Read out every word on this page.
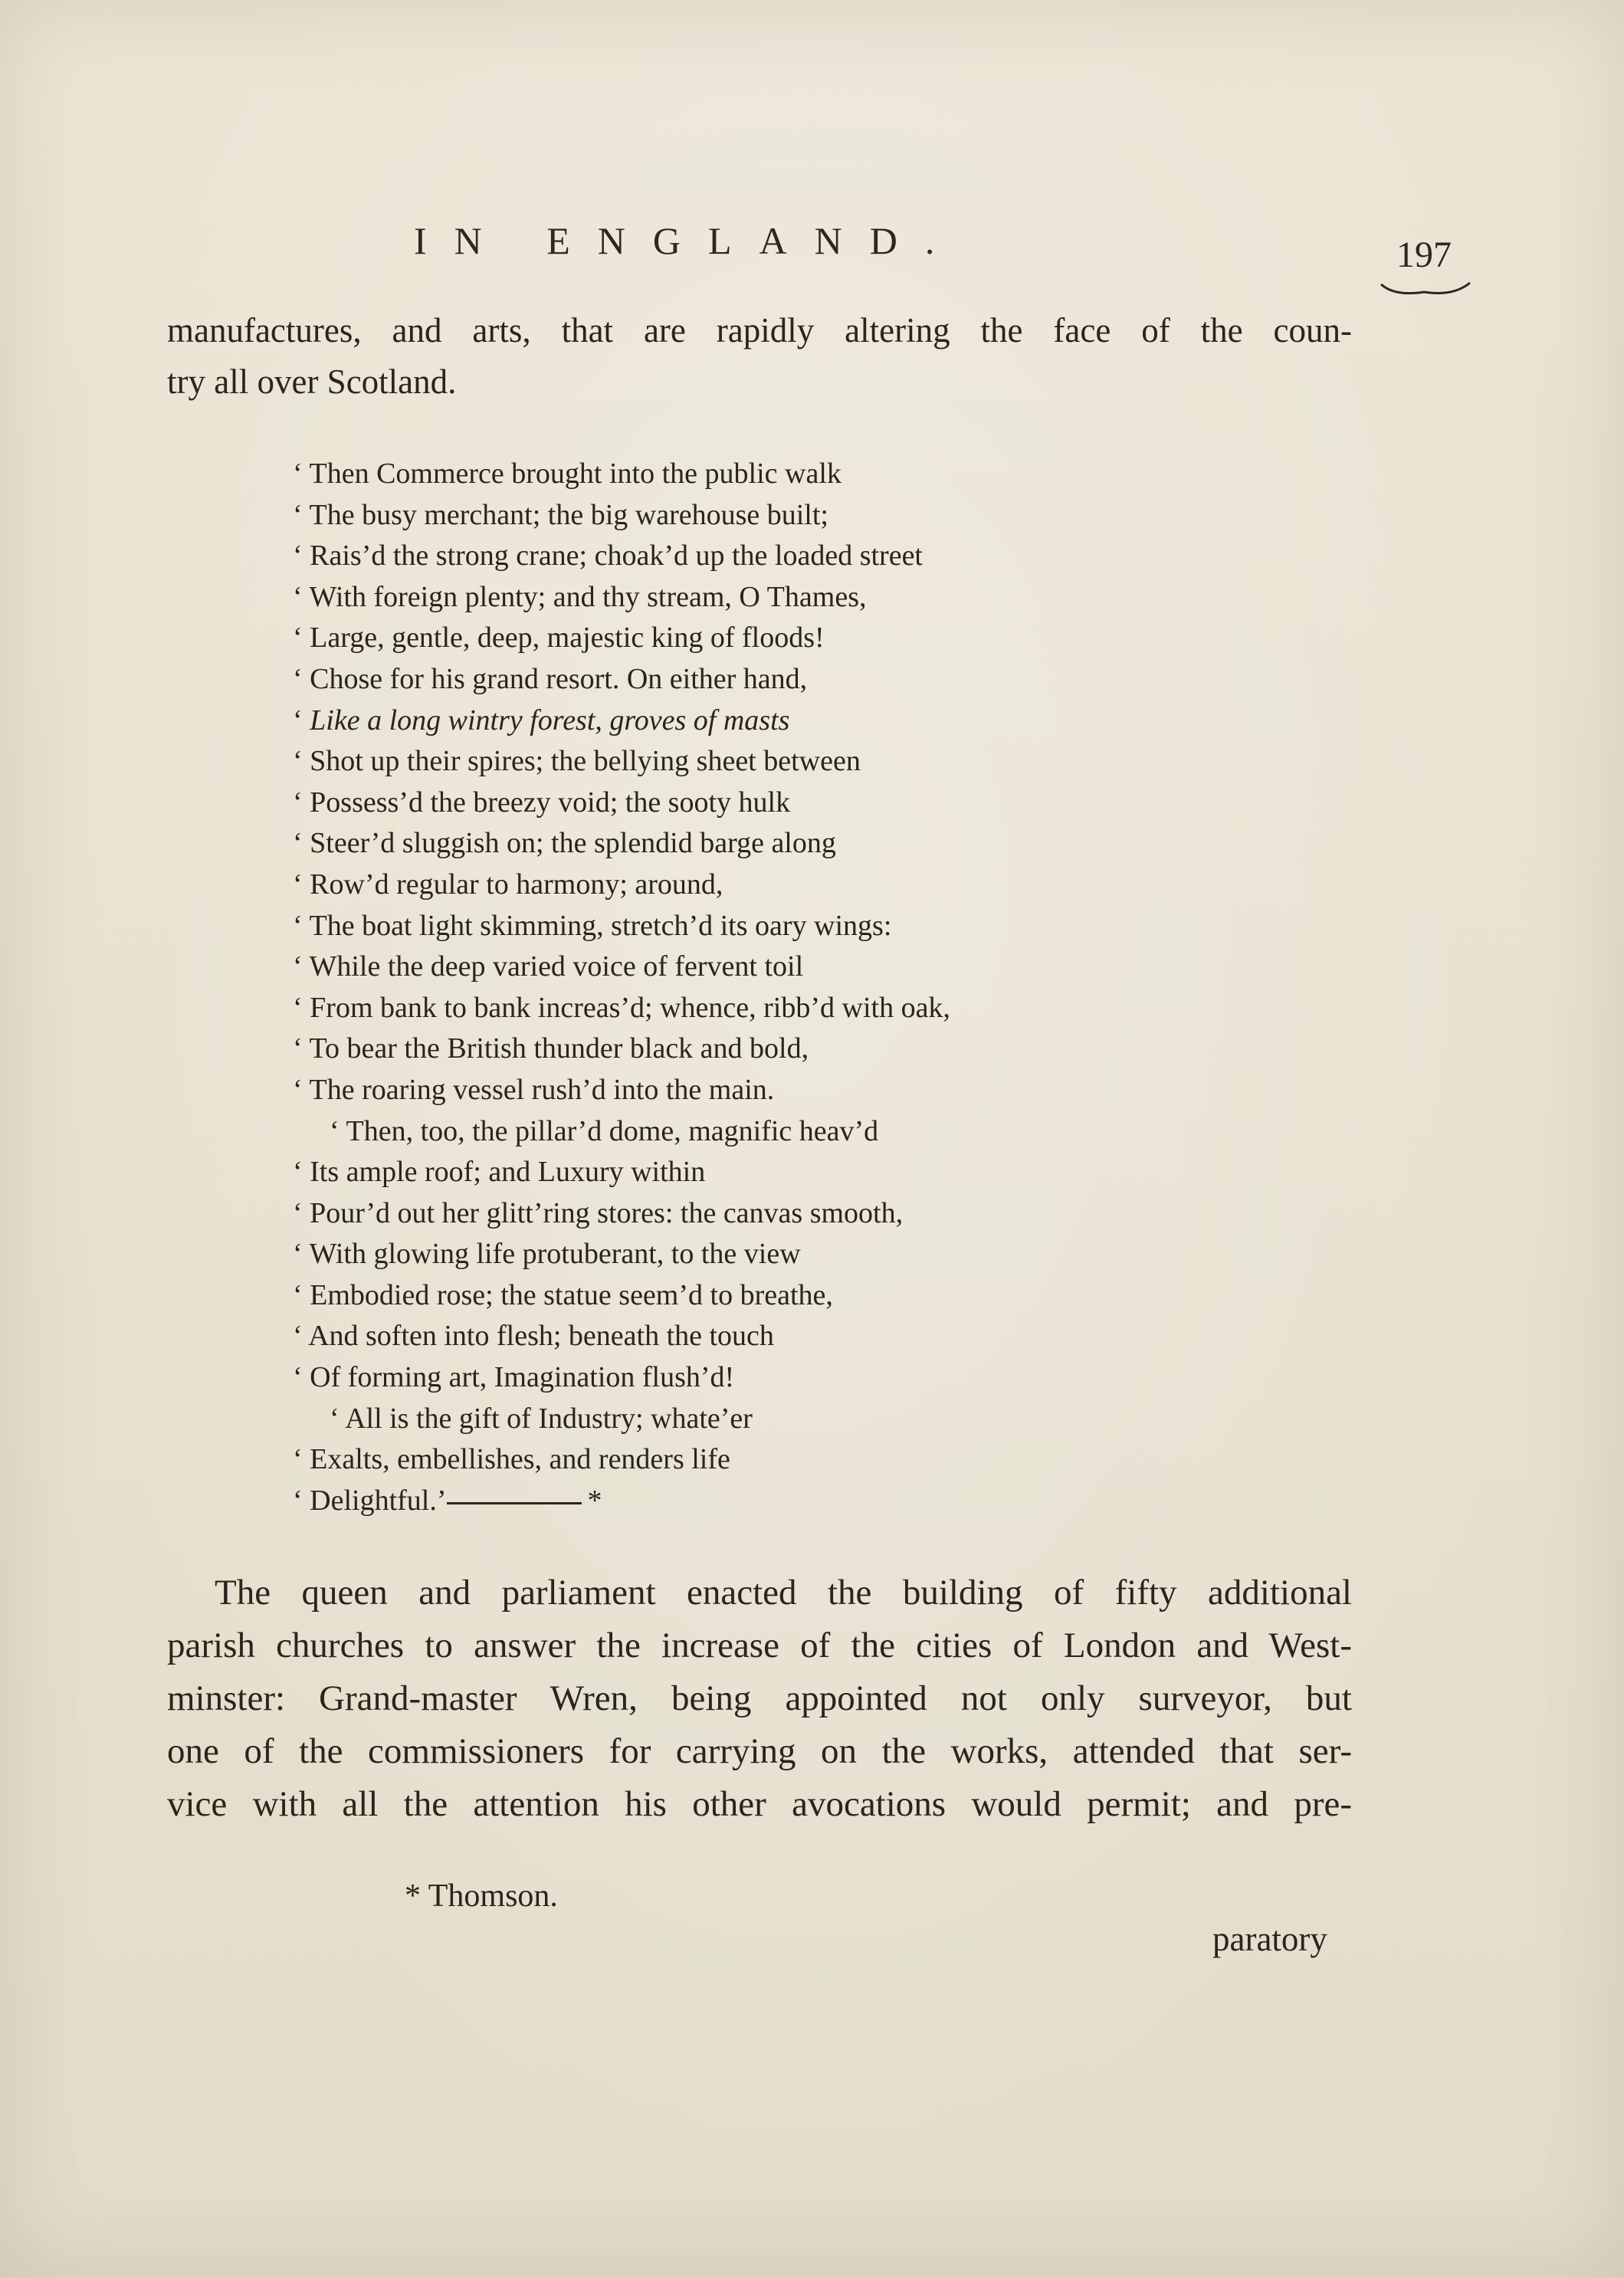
IN ENGLAND.	197

manufactures, and arts, that are rapidly altering the face of the coun-
try all over Scotland.

‘ Then Commerce brought into the public walk
‘ The busy merchant; the big warehouse built;
‘ Rais’d the strong crane; choak’d up the loaded street
‘ With foreign plenty; and thy stream, O Thames,
‘ Large, gentle, deep, majestic king of floods!
‘ Chose for his grand resort. On either hand,
‘ Like a long wintry forest, groves of masts
‘ Shot up their spires; the bellying sheet between
‘ Possess’d the breezy void; the sooty hulk
‘ Steer’d sluggish on; the splendid barge along
‘ Row’d regular to harmony; around,
‘ The boat light skimming, stretch’d its oary wings:
‘ While the deep varied voice of fervent toil
‘ From bank to bank increas’d; whence, ribb’d with oak,
‘ To bear the British thunder black and bold,
‘ The roaring vessel rush’d into the main.
‘ Then, too, the pillar’d dome, magnific heav’d
‘ Its ample roof; and Luxury within
‘ Pour’d out her glitt’ring stores: the canvas smooth,
‘ With glowing life protuberant, to the view
‘ Embodied rose; the statue seem’d to breathe,
‘ And soften into flesh; beneath the touch
‘ Of forming art, Imagination flush’d!
‘ All is the gift of Industry; whate’er
‘ Exalts, embellishes, and renders life
‘ Delightful.’	*

The queen and parliament enacted the building of fifty additional
parish churches to answer the increase of the cities of London and West-
minster: Grand-master Wren, being appointed not only surveyor, but
one of the commissioners for carrying on the works, attended that ser-
vice with all the attention his other avocations would permit; and pre-

* Thomson.
paratory
